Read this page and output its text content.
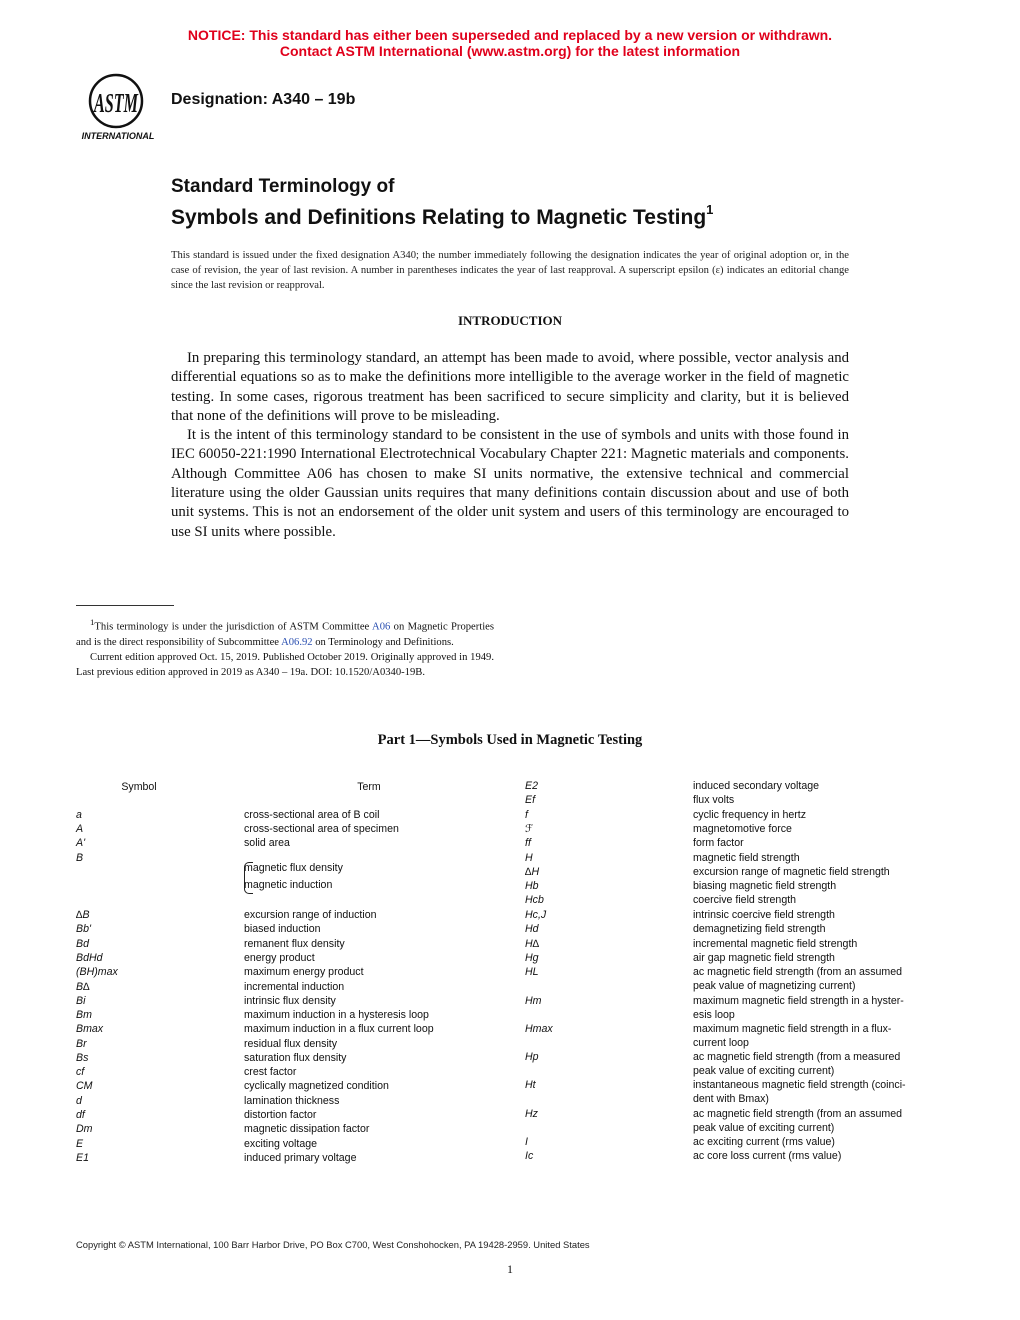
NOTICE: This standard has either been superseded and replaced by a new version or withdrawn.
Contact ASTM International (www.astm.org) for the latest information
ASTM
INTERNATIONAL
Designation: A340 – 19b
Standard Terminology of
Symbols and Definitions Relating to Magnetic Testing$^1$
This standard is issued under the fixed designation A340; the number immediately following the designation indicates the year of original adoption or, in the case of revision, the year of last revision. A number in parentheses indicates the year of last reapproval. A superscript epsilon (ε) indicates an editorial change since the last revision or reapproval.
INTRODUCTION

In preparing this terminology standard, an attempt has been made to avoid, where possible, vector analysis and differential equations so as to make the definitions more intelligible to the average worker in the field of magnetic testing. In some cases, rigorous treatment has been sacrificed to secure simplicity and clarity, but it is believed that none of the definitions will prove to be misleading.

It is the intent of this terminology standard to be consistent in the use of symbols and units with those found in IEC 60050-221:1990 International Electrotechnical Vocabulary Chapter 221: Magnetic materials and components. Although Committee A06 has chosen to make SI units normative, the extensive technical and commercial literature using the older Gaussian units requires that many definitions contain discussion about and use of both unit systems. This is not an endorsement of the older unit system and users of this terminology are encouraged to use SI units where possible.

$^1$This terminology is under the jurisdiction of ASTM Committee A06 on Magnetic Properties and is the direct responsibility of Subcommittee A06.92 on Terminology and Definitions.

Current edition approved Oct. 15, 2019. Published October 2019. Originally approved in 1949. Last previous edition approved in 2019 as A340 – 19a. DOI: 10.1520/A0340-19B.

Part 1—Symbols Used in Magnetic Testing
Symbol	Term
a	cross-sectional area of B coil
A	cross-sectional area of specimen
A'	solid area
B
magnetic flux density
magnetic induction
∆B	excursion range of induction
Bb'	biased induction
Bd	remanent flux density
BdHd	energy product
(BH)max	maximum energy product
B∆	incremental induction
Bi	intrinsic flux density
Bm	maximum induction in a hysteresis loop
Bmax	maximum induction in a flux current loop
Br	residual flux density
Bs	saturation flux density
cf	crest factor
CM	cyclically magnetized condition
d	lamination thickness
df	distortion factor
Dm	magnetic dissipation factor
E	exciting voltage
E1	induced primary voltage
E2	induced secondary voltage
Ef	flux volts
f	cyclic frequency in hertz
ℱ	magnetomotive force
ff	form factor
H	magnetic field strength
∆H	excursion range of magnetic field strength
Hb	biasing magnetic field strength
Hcb	coercive field strength
Hc,J	intrinsic coercive field strength
Hd	demagnetizing field strength
H∆	incremental magnetic field strength
Hg	air gap magnetic field strength
HL	ac magnetic field strength (from an assumed
peak value of magnetizing current)
Hm	maximum magnetic field strength in a hyster-
esis loop
Hmax	maximum magnetic field strength in a flux-
current loop
Hp	ac magnetic field strength (from a measured
peak value of exciting current)
Ht	instantaneous magnetic field strength (coinci-
dent with Bmax)
Hz	ac magnetic field strength (from an assumed
peak value of exciting current)
I	ac exciting current (rms value)
Ic	ac core loss current (rms value)
Copyright © ASTM International, 100 Barr Harbor Drive, PO Box C700, West Conshohocken, PA 19428-2959. United States
1
